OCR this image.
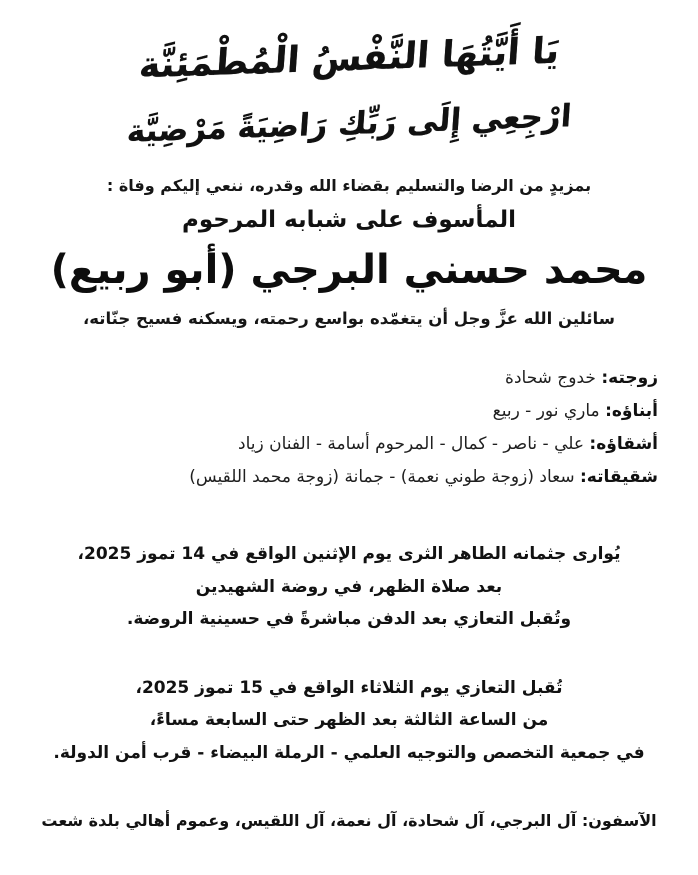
يَا أَيَّتُهَا النَّفْسُ الْمُطْمَئِنَّة
ارْجِعِي إِلَى رَبِّكِ رَاضِيَةً مَرْضِيَّة
بمزيدٍ من الرضا والتسليم بقضاء الله وقدره، ننعي إليكم وفاة :
المأسوف على شبابه المرحوم
محمد حسني البرجي (أبو ربيع)
سائلين الله عزَّ وجل أن يتغمّده بواسع رحمته، ويسكنه فسيح جنّاته،
زوجته: خدوج شحادة
أبناؤه: ماري نور - ربيع
أشقاؤه: علي - ناصر - كمال - المرحوم أسامة - الفنان زياد
شقيقاته: سعاد (زوجة طوني نعمة) - جمانة (زوجة محمد اللقيس)
يُوارى جثمانه الطاهر الثرى يوم الإثنين الواقع في 14 تموز 2025،
بعد صلاة الظهر، في روضة الشهيدين
وتُقبل التعازي بعد الدفن مباشرةً في حسينية الروضة.
تُقبل التعازي يوم الثلاثاء الواقع في 15 تموز 2025،
من الساعة الثالثة بعد الظهر حتى السابعة مساءً،
في جمعية التخصص والتوجيه العلمي - الرملة البيضاء - قرب أمن الدولة.
الآسفون: آل البرجي، آل شحادة، آل نعمة، آل اللقيس، وعموم أهالي بلدة شعت
